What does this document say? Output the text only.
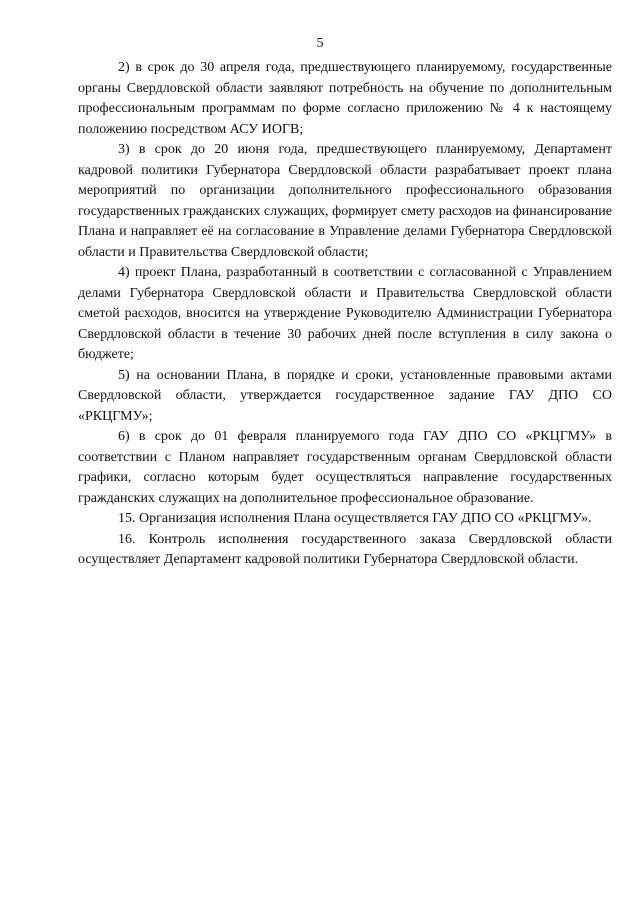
5

2) в срок до 30 апреля года, предшествующего планируемому, государственные органы Свердловской области заявляют потребность на обучение по дополнительным профессиональным программам по форме согласно приложению № 4 к настоящему положению посредством АСУ ИОГВ;

3) в срок до 20 июня года, предшествующего планируемому, Департамент кадровой политики Губернатора Свердловской области разрабатывает проект плана мероприятий по организации дополнительного профессионального образования государственных гражданских служащих, формирует смету расходов на финансирование Плана и направляет её на согласование в Управление делами Губернатора Свердловской области и Правительства Свердловской области;

4) проект Плана, разработанный в соответствии с согласованной с Управлением делами Губернатора Свердловской области и Правительства Свердловской области сметой расходов, вносится на утверждение Руководителю Администрации Губернатора Свердловской области в течение 30 рабочих дней после вступления в силу закона о бюджете;

5) на основании Плана, в порядке и сроки, установленные правовыми актами Свердловской области, утверждается государственное задание ГАУ ДПО СО «РКЦГМУ»;

6) в срок до 01 февраля планируемого года ГАУ ДПО СО «РКЦГМУ» в соответствии с Планом направляет государственным органам Свердловской области графики, согласно которым будет осуществляться направление государственных гражданских служащих на дополнительное профессиональное образование.

15. Организация исполнения Плана осуществляется ГАУ ДПО СО «РКЦГМУ».

16. Контроль исполнения государственного заказа Свердловской области осуществляет Департамент кадровой политики Губернатора Свердловской области.
